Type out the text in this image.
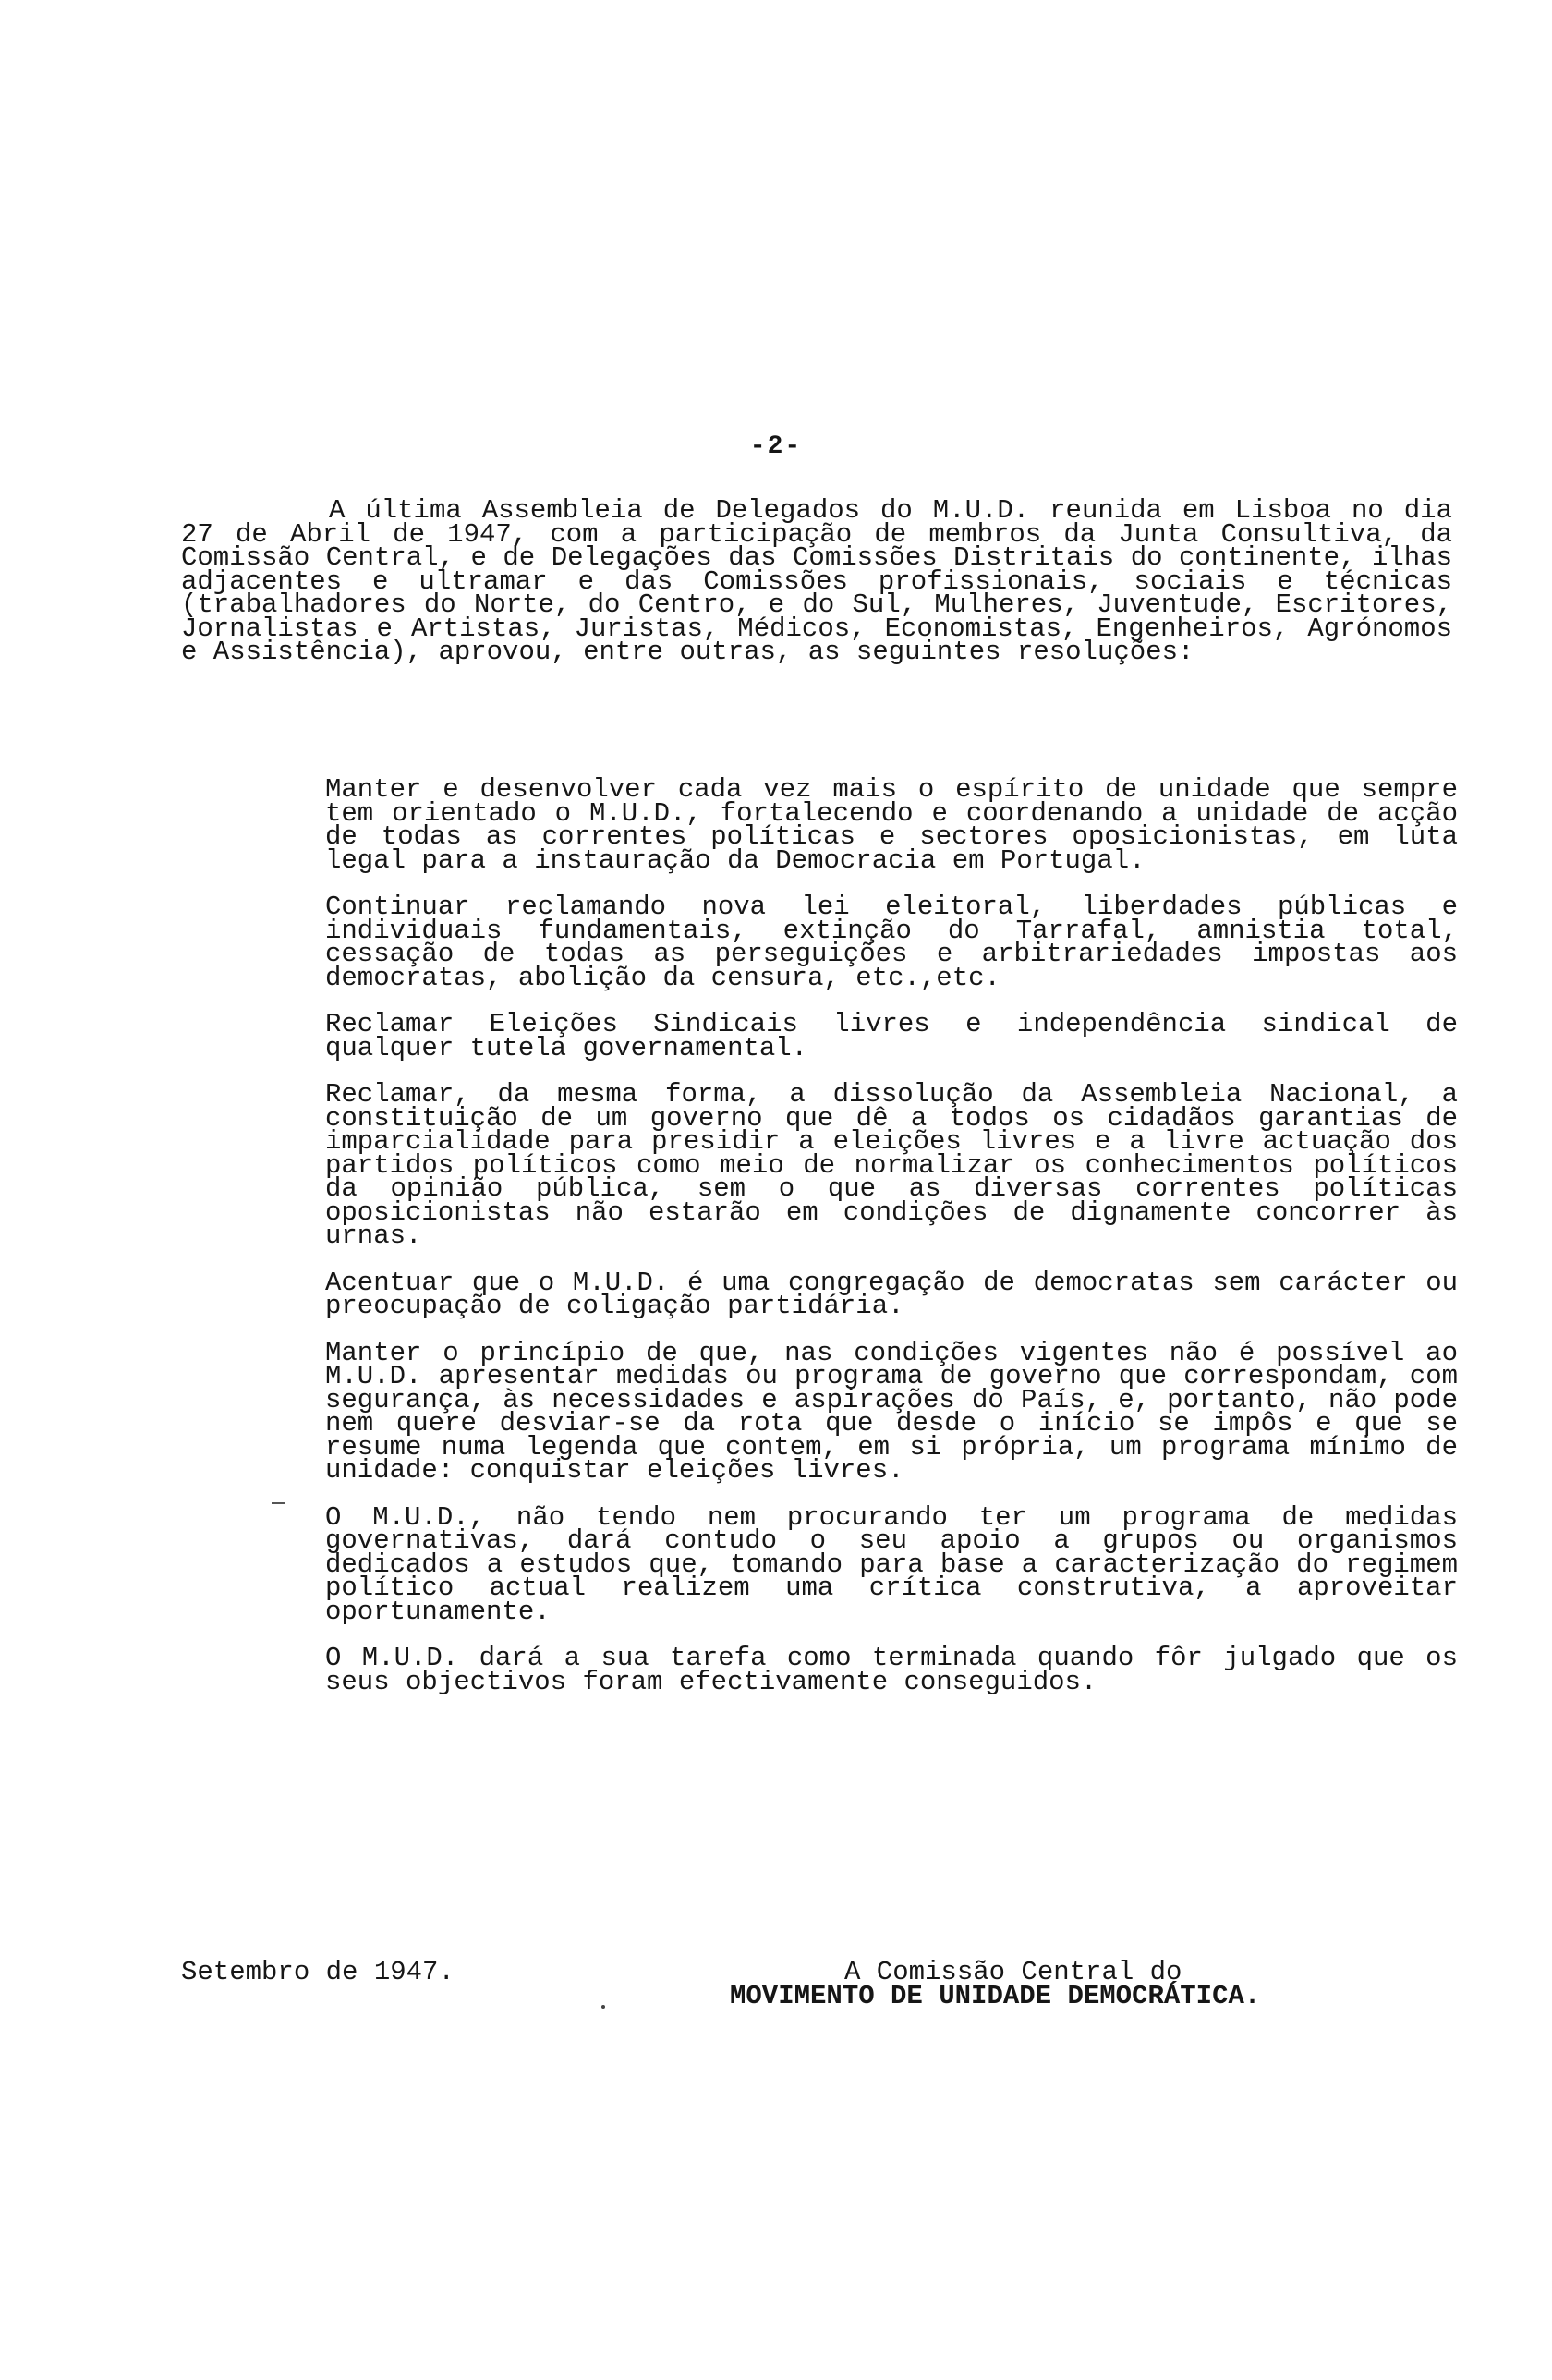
-2-

A última Assembleia de Delegados do M.U.D. reunida em Lisboa no dia 27 de Abril de 1947, com a participação de membros da Junta Consultiva, da Comissão Central, e de Delegações das Comissões Distritais do continente, ilhas adjacentes e ultramar e das Comissões profissionais, sociais e técnicas (trabalhadores do Norte, do Centro, e do Sul, Mulheres, Juventude, Escritores, Jornalistas e Artistas, Juristas, Médicos, Economistas, Engenheiros, Agrónomos e Assistência), aprovou, entre outras, as seguintes resoluções:

Manter e desenvolver cada vez mais o espírito de unidade que sempre tem orientado o M.U.D., fortalecendo e coordenando a unidade de acção de todas as correntes políticas e sectores oposicionistas, em luta legal para a instauração da Democracia em Portugal.
Continuar reclamando nova lei eleitoral, liberdades públicas e individuais fundamentais, extinção do Tarrafal, amnistia total, cessação de todas as perseguições e arbitrariedades impostas aos democratas, abolição da censura, etc.,etc.
Reclamar Eleições Sindicais livres e independência sindical de qualquer tutela governamental.
Reclamar, da mesma forma, a dissolução da Assembleia Nacional, a constituição de um governo que dê a todos os cidadãos garantias de imparcialidade para presidir a eleições livres e a livre actuação dos partidos políticos como meio de normalizar os conhecimentos políticos da opinião pública, sem o que as diversas correntes políticas oposicionistas não estarão em condições de dignamente concorrer às urnas.
Acentuar que o M.U.D. é uma congregação de democratas sem carácter ou preocupação de coligação partidária.
Manter o princípio de que, nas condições vigentes não é possível ao M.U.D. apresentar medidas ou programa de governo que correspondam, com segurança, às necessidades e aspirações do País, e, portanto, não pode nem quere desviar-se da rota que desde o início se impôs e que se resume numa legenda que contem, em si própria, um programa mínimo de unidade: conquistar eleições livres.
O M.U.D., não tendo nem procurando ter um programa de medidas governativas, dará contudo o seu apoio a grupos ou organismos dedicados a estudos que, tomando para base a caracterização do regimem político actual realizem uma crítica construtiva, a aproveitar oportunamente.
O M.U.D. dará a sua tarefa como terminada quando fôr julgado que os seus objectivos foram efectivamente conseguidos.
Setembro de 1947.	A Comissão Central do
MOVIMENTO DE UNIDADE DEMOCRÁTICA.
